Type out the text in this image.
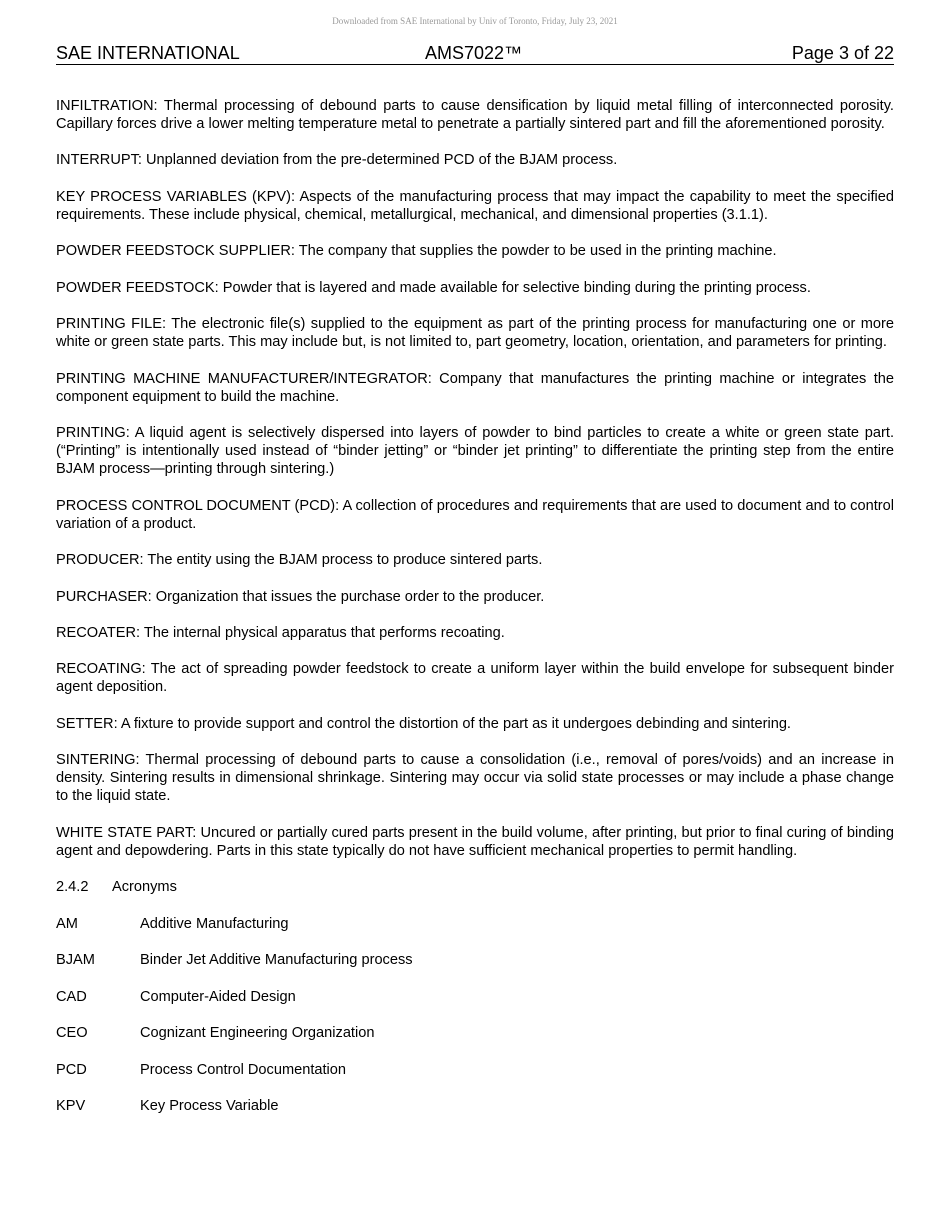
Downloaded from SAE International by Univ of Toronto, Friday, July 23, 2021
SAE INTERNATIONAL	AMS7022™	Page 3 of 22

INFILTRATION: Thermal processing of debound parts to cause densification by liquid metal filling of interconnected porosity. Capillary forces drive a lower melting temperature metal to penetrate a partially sintered part and fill the aforementioned porosity.

INTERRUPT: Unplanned deviation from the pre-determined PCD of the BJAM process.

KEY PROCESS VARIABLES (KPV): Aspects of the manufacturing process that may impact the capability to meet the specified requirements. These include physical, chemical, metallurgical, mechanical, and dimensional properties (3.1.1).

POWDER FEEDSTOCK SUPPLIER: The company that supplies the powder to be used in the printing machine.

POWDER FEEDSTOCK: Powder that is layered and made available for selective binding during the printing process.

PRINTING FILE: The electronic file(s) supplied to the equipment as part of the printing process for manufacturing one or more white or green state parts. This may include but, is not limited to, part geometry, location, orientation, and parameters for printing.

PRINTING MACHINE MANUFACTURER/INTEGRATOR: Company that manufactures the printing machine or integrates the component equipment to build the machine.

PRINTING: A liquid agent is selectively dispersed into layers of powder to bind particles to create a white or green state part. (“Printing” is intentionally used instead of “binder jetting” or “binder jet printing” to differentiate the printing step from the entire BJAM process—printing through sintering.)

PROCESS CONTROL DOCUMENT (PCD): A collection of procedures and requirements that are used to document and to control variation of a product.

PRODUCER: The entity using the BJAM process to produce sintered parts.

PURCHASER: Organization that issues the purchase order to the producer.

RECOATER: The internal physical apparatus that performs recoating.

RECOATING: The act of spreading powder feedstock to create a uniform layer within the build envelope for subsequent binder agent deposition.

SETTER: A fixture to provide support and control the distortion of the part as it undergoes debinding and sintering.

SINTERING: Thermal processing of debound parts to cause a consolidation (i.e., removal of pores/voids) and an increase in density. Sintering results in dimensional shrinkage. Sintering may occur via solid state processes or may include a phase change to the liquid state.

WHITE STATE PART: Uncured or partially cured parts present in the build volume, after printing, but prior to final curing of binding agent and depowdering. Parts in this state typically do not have sufficient mechanical properties to permit handling.

2.4.2 Acronyms
AM	Additive Manufacturing
BJAM	Binder Jet Additive Manufacturing process
CAD	Computer-Aided Design
CEO	Cognizant Engineering Organization
PCD	Process Control Documentation
KPV	Key Process Variable
